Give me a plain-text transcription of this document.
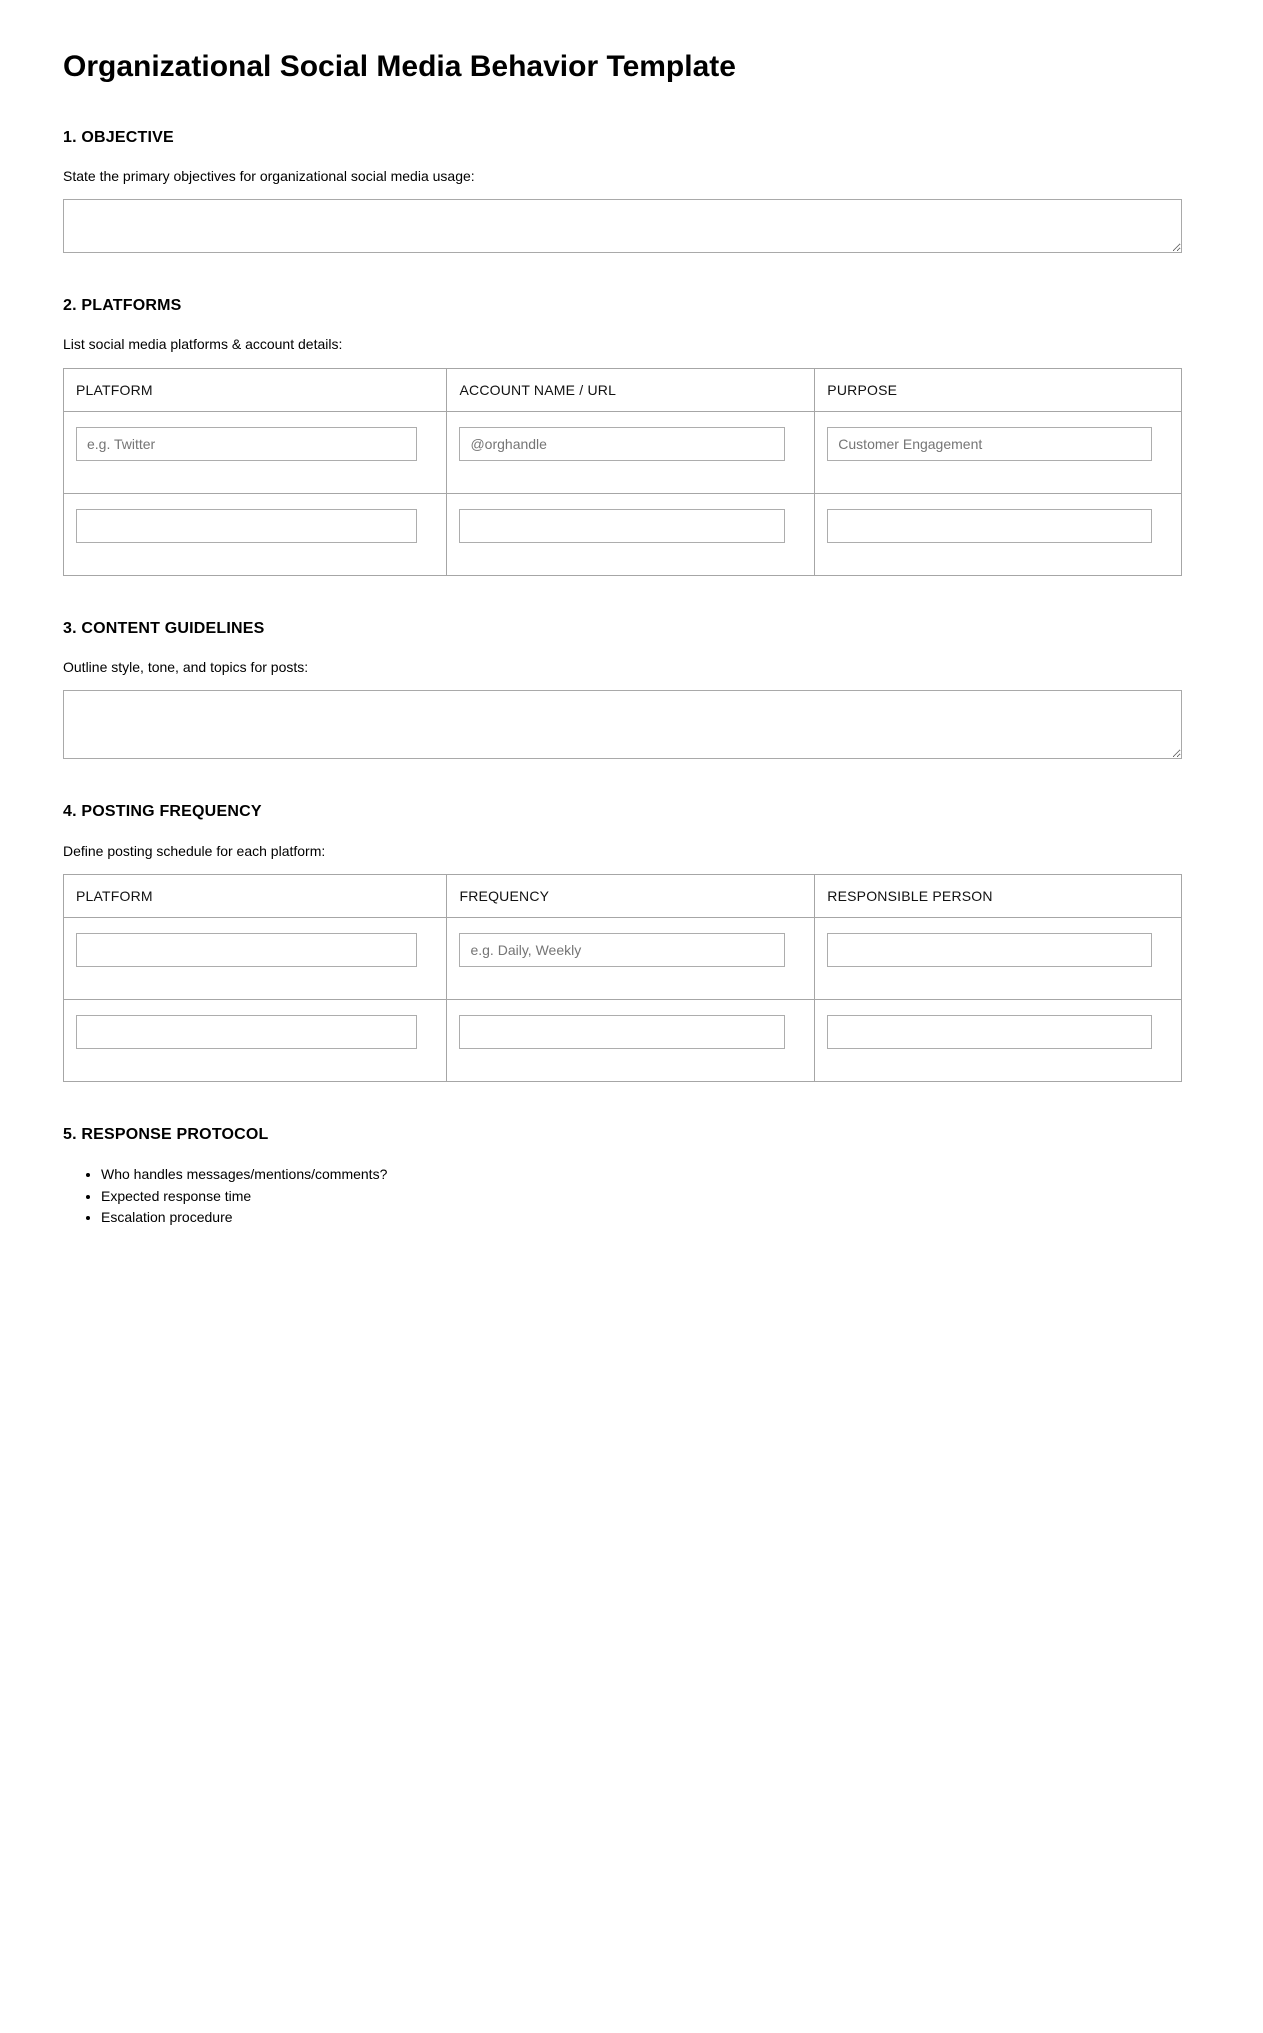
Organizational Social Media Behavior Template
1. OBJECTIVE

State the primary objectives for organizational social media usage:

2. PLATFORMS

List social media platforms & account details:

PLATFORM	ACCOUNT NAME / URL	PURPOSE
e.g. Twitter	@orghandle	Customer Engagement

3. CONTENT GUIDELINES

Outline style, tone, and topics for posts:

4. POSTING FREQUENCY

Define posting schedule for each platform:

PLATFORM	FREQUENCY	RESPONSIBLE PERSON
	e.g. Daily, Weekly	

5. RESPONSE PROTOCOL
• Who handles messages/mentions/comments?
• Expected response time
• Escalation procedure
